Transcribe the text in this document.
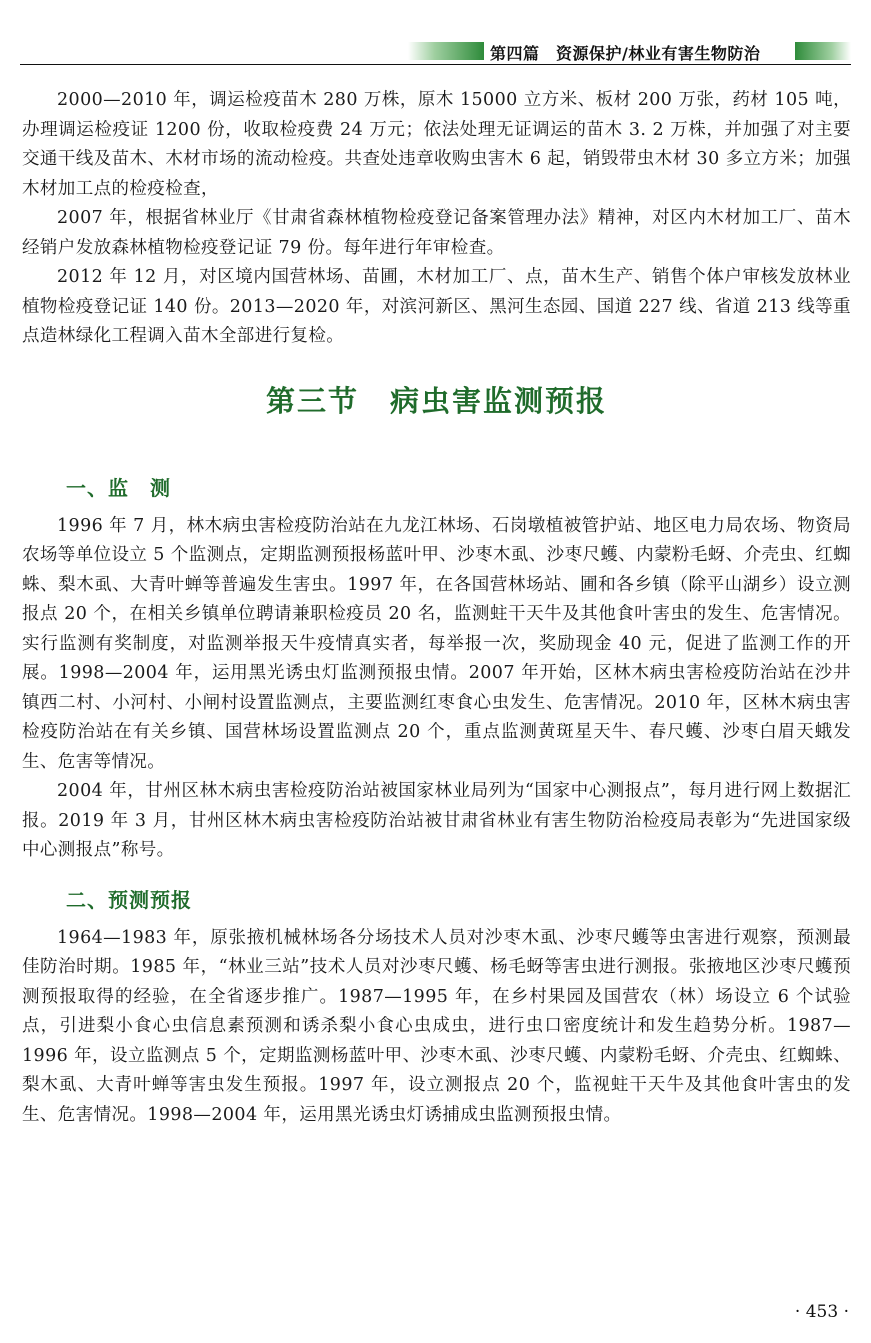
第四篇　资源保护/林业有害生物防治

2000—2010 年，调运检疫苗木 280 万株，原木 15000 立方米、板材 200 万张，药材 105 吨，办理调运检疫证 1200 份，收取检疫费 24 万元；依法处理无证调运的苗木 3. 2 万株，并加强了对主要交通干线及苗木、木材市场的流动检疫。共查处违章收购虫害木 6 起，销毁带虫木材 30 多立方米；加强木材加工点的检疫检查，

2007 年，根据省林业厅《甘肃省森林植物检疫登记备案管理办法》精神，对区内木材加工厂、苗木经销户发放森林植物检疫登记证 79 份。每年进行年审检查。

2012 年 12 月，对区境内国营林场、苗圃，木材加工厂、点，苗木生产、销售个体户审核发放林业植物检疫登记证 140 份。2013—2020 年，对滨河新区、黑河生态园、国道 227 线、省道 213 线等重点造林绿化工程调入苗木全部进行复检。

第三节　病虫害监测预报
一、监　测

1996 年 7 月，林木病虫害检疫防治站在九龙江林场、石岗墩植被管护站、地区电力局农场、物资局农场等单位设立 5 个监测点，定期监测预报杨蓝叶甲、沙枣木虱、沙枣尺蠖、内蒙粉毛蚜、介壳虫、红蜘蛛、梨木虱、大青叶蝉等普遍发生害虫。1997 年，在各国营林场站、圃和各乡镇（除平山湖乡）设立测报点 20 个，在相关乡镇单位聘请兼职检疫员 20 名，监测蛀干天牛及其他食叶害虫的发生、危害情况。实行监测有奖制度，对监测举报天牛疫情真实者，每举报一次，奖励现金 40 元，促进了监测工作的开展。1998—2004 年，运用黑光诱虫灯监测预报虫情。2007 年开始，区林木病虫害检疫防治站在沙井镇西二村、小河村、小闸村设置监测点，主要监测红枣食心虫发生、危害情况。2010 年，区林木病虫害检疫防治站在有关乡镇、国营林场设置监测点 20 个，重点监测黄斑星天牛、春尺蠖、沙枣白眉天蛾发生、危害等情况。

2004 年，甘州区林木病虫害检疫防治站被国家林业局列为“国家中心测报点”，每月进行网上数据汇报。2019 年 3 月，甘州区林木病虫害检疫防治站被甘肃省林业有害生物防治检疫局表彰为“先进国家级中心测报点”称号。

二、预测预报

1964—1983 年，原张掖机械林场各分场技术人员对沙枣木虱、沙枣尺蠖等虫害进行观察，预测最佳防治时期。1985 年，“林业三站”技术人员对沙枣尺蠖、杨毛蚜等害虫进行测报。张掖地区沙枣尺蠖预测预报取得的经验，在全省逐步推广。1987—1995 年，在乡村果园及国营农（林）场设立 6 个试验点，引进梨小食心虫信息素预测和诱杀梨小食心虫成虫，进行虫口密度统计和发生趋势分析。1987—1996 年，设立监测点 5 个，定期监测杨蓝叶甲、沙枣木虱、沙枣尺蠖、内蒙粉毛蚜、介壳虫、红蜘蛛、梨木虱、大青叶蝉等害虫发生预报。1997 年，设立测报点 20 个，监视蛀干天牛及其他食叶害虫的发生、危害情况。1998—2004 年，运用黑光诱虫灯诱捕成虫监测预报虫情。

· 453 ·
